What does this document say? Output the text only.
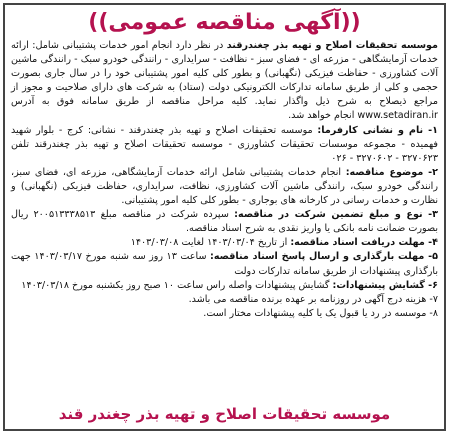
((آگهی مناقصه عمومی))

موسسه تحقیقات اصلاح و تهیه بذر چغندرقند در نظر دارد انجام امور خدمات پشتیبانی شامل: ارائه خدمات آزمایشگاهی - مزرعه ای - فضای سبز - نظافت - سرایداری - رانندگی خودرو سبک - رانندگی ماشین آلات کشاورزی - حفاظت فیزیکی (نگهبانی) و بطور کلی کلیه امور پشتیبانی خود را در سال جاری بصورت حجمی و کلی از طریق سامانه تدارکات الکترونیکی دولت (ستاد) به شرکت های دارای صلاحیت و مجوز از مراجع ذیصلاح به شرح ذیل واگذار نماید. کلیه مراحل مناقصه از طریق سامانه فوق به آدرس www.setadiran.ir انجام خواهد شد.

۱- نام و نشانی کارفرما: موسسه تحقیقات اصلاح و تهیه بذر چغندرقند - نشانی: کرج - بلوار شهید فهمیده - مجموعه موسسات تحقیقات کشاورزی - موسسه تحقیقات اصلاح و تهیه بذر چغندرقند تلفن ۳۲۷۰۶۲۳ - ۳۲۷۰۶۰۲ - ۰۲۶

۲- موضوع مناقصه: انجام خدمات پشتیبانی شامل ارائه خدمات آزمایشگاهی، مزرعه ای، فضای سبز، رانندگی خودرو سبک، رانندگی ماشین آلات کشاورزی، نظافت، سرایداری، حفاظت فیزیکی (نگهبانی) و نظارت و خدمات رسانی در کارخانه های بوجاری - بطور کلی کلیه امور پشتیبانی.

۳- نوع و مبلغ تضمین شرکت در مناقصه: سپرده شرکت در مناقصه مبلغ ۲۰۰۵۱۳۳۳۸۵۱۳ ریال بصورت ضمانت نامه بانکی یا واریز نقدی به شرح اسناد مناقصه.

۴- مهلت دریافت اسناد مناقصه: از تاریخ ۱۴۰۳/۰۳/۰۴ لغایت ۱۴۰۳/۰۳/۰۸

۵- مهلت بارگذاری و ارسال پاسخ اسناد مناقصه: ساعت ۱۳ روز سه شنبه مورخ ۱۴۰۳/۰۳/۱۷ جهت بارگذاری پیشنهادات از طریق سامانه تدارکات دولت

۶- گشایش پیشنهادات: گشایش پیشنهادات واصله راس ساعت ۱۰ صبح روز یکشنبه مورخ ۱۴۰۳/۰۳/۱۸

۷- هزینه درج آگهی در روزنامه بر عهده برنده مناقصه می باشد.

۸- موسسه در رد یا قبول یک یا کلیه پیشنهادات مختار است.

موسسه تحقیقات اصلاح و تهیه بذر چغندر قند
